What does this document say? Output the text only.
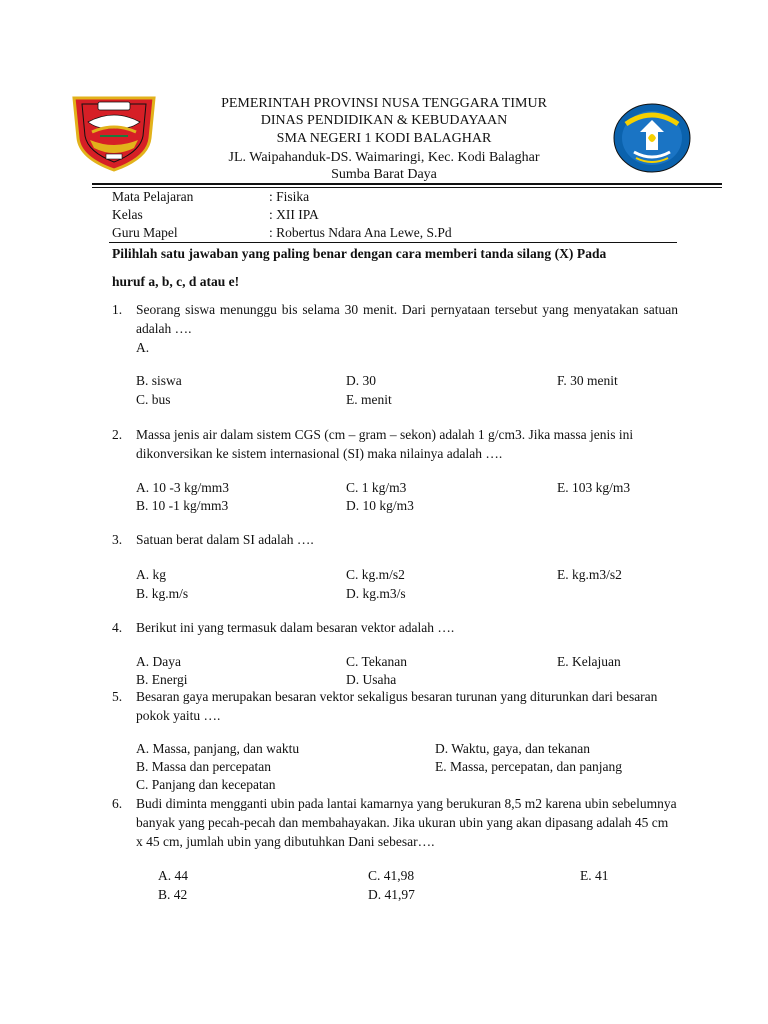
PEMERINTAH PROVINSI NUSA TENGGARA TIMUR
DINAS PENDIDIKAN & KEBUDAYAAN
SMA NEGERI 1 KODI BALAGHAR
JL. Waipahanduk-DS. Waimaringi, Kec. Kodi Balaghar
Sumba Barat Daya
Mata Pelajaran	: Fisika
Kelas	: XII IPA
Guru Mapel	: Robertus Ndara Ana Lewe, S.Pd
Pilihlah satu jawaban yang paling benar dengan cara memberi tanda silang (X) Pada
huruf a, b, c, d atau e!
1. Seorang siswa menunggu bis selama 30 menit. Dari pernyataan tersebut yang menyatakan satuan adalah ….
A.
B. siswa	D. 30	F. 30 menit
C. bus	E. menit
2. Massa jenis air dalam sistem CGS (cm – gram – sekon) adalah 1 g/cm3. Jika massa jenis ini dikonversikan ke sistem internasional (SI) maka nilainya adalah ….
A. 10 -3 kg/mm3	C. 1 kg/m3	E. 103 kg/m3
B. 10 -1 kg/mm3	D. 10 kg/m3
3. Satuan berat dalam SI adalah ….
A. kg	C. kg.m/s2	E. kg.m3/s2
B. kg.m/s	D. kg.m3/s
4. Berikut ini yang termasuk dalam besaran vektor adalah ….
A. Daya	C. Tekanan	E. Kelajuan
B. Energi	D. Usaha
5. Besaran gaya merupakan besaran vektor sekaligus besaran turunan yang diturunkan dari besaran pokok yaitu ….
A. Massa, panjang, dan waktu	D. Waktu, gaya, dan tekanan
B. Massa dan percepatan	E. Massa, percepatan, dan panjang
C. Panjang dan kecepatan
6. Budi diminta mengganti ubin pada lantai kamarnya yang berukuran 8,5 m2 karena ubin sebelumnya banyak yang pecah-pecah dan membahayakan. Jika ukuran ubin yang akan dipasang adalah 45 cm x 45 cm, jumlah ubin yang dibutuhkan Dani sebesar….
A. 44	C. 41,98	E. 41
B. 42	D. 41,97
